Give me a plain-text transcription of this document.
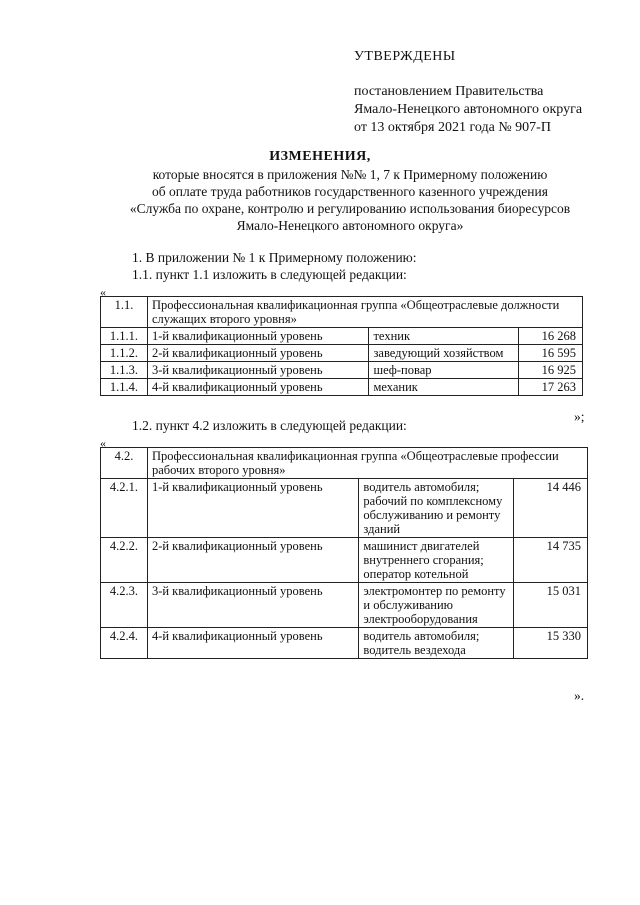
УТВЕРЖДЕНЫ
постановлением Правительства
Ямало-Ненецкого автономного округа
от 13 октября 2021 года № 907-П
ИЗМЕНЕНИЯ,
которые вносятся в приложения №№ 1, 7 к Примерному положению
об оплате труда работников государственного казенного учреждения
«Служба по охране, контролю и регулированию использования биоресурсов
Ямало-Ненецкого автономного округа»
1. В приложении № 1 к Примерному положению:
1.1. пункт 1.1 изложить в следующей редакции:
«
1.1.	Профессиональная квалификационная группа «Общеотраслевые должности служащих второго уровня»		
1.1.1.	1-й квалификационный уровень	техник	16 268
1.1.2.	2-й квалификационный уровень	заведующий хозяйством	16 595
1.1.3.	3-й квалификационный уровень	шеф-повар	16 925
1.1.4.	4-й квалификационный уровень	механик	17 263
»;
1.2. пункт 4.2 изложить в следующей редакции:
«
4.2.	Профессиональная квалификационная группа «Общеотраслевые профессии рабочих второго уровня»		
4.2.1.	1-й квалификационный уровень	водитель автомобиля; рабочий по комплексному обслуживанию и ремонту зданий	14 446
4.2.2.	2-й квалификационный уровень	машинист двигателей внутреннего сгорания; оператор котельной	14 735
4.2.3.	3-й квалификационный уровень	электромонтер по ремонту и обслуживанию электрооборудования	15 031
4.2.4.	4-й квалификационный уровень	водитель автомобиля; водитель вездехода	15 330
».
